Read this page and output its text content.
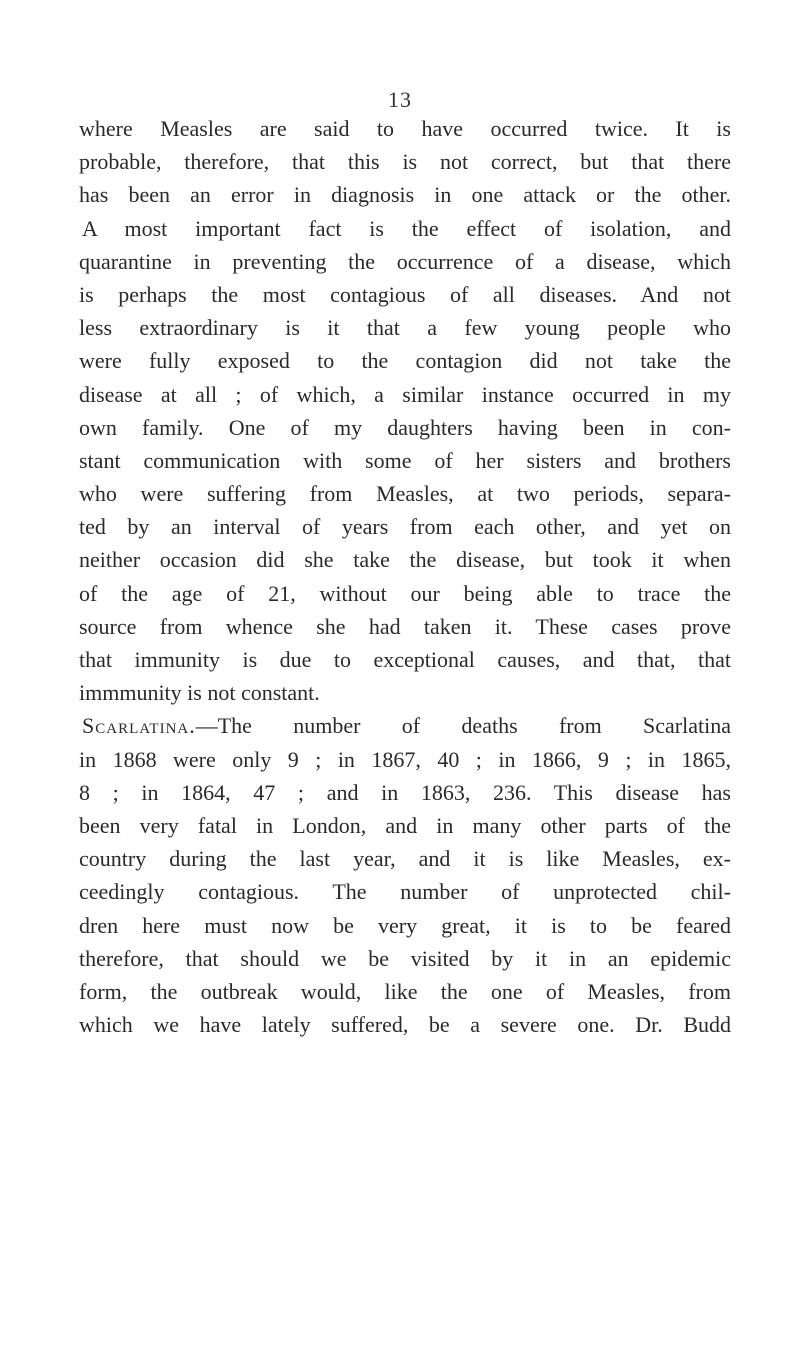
13
where Measles are said to have occurred twice. It is
probable, therefore, that this is not correct, but that there
has been an error in diagnosis in one attack or the other.
A most important fact is the effect of isolation, and
quarantine in preventing the occurrence of a disease, which
is perhaps the most contagious of all diseases. And not
less extraordinary is it that a few young people who
were fully exposed to the contagion did not take the
disease at all ; of which, a similar instance occurred in my
own family. One of my daughters having been in con-
stant communication with some of her sisters and brothers
who were suffering from Measles, at two periods, separa-
ted by an interval of years from each other, and yet on
neither occasion did she take the disease, but took it when
of the age of 21, without our being able to trace the
source from whence she had taken it. These cases prove
that immunity is due to exceptional causes, and that, that
immmunity is not constant.
Scarlatina.—The number of deaths from Scarlatina
in 1868 were only 9 ; in 1867, 40 ; in 1866, 9 ; in 1865,
8 ; in 1864, 47 ; and in 1863, 236. This disease has
been very fatal in London, and in many other parts of the
country during the last year, and it is like Measles, ex-
ceedingly contagious. The number of unprotected chil-
dren here must now be very great, it is to be feared
therefore, that should we be visited by it in an epidemic
form, the outbreak would, like the one of Measles, from
which we have lately suffered, be a severe one. Dr. Budd
